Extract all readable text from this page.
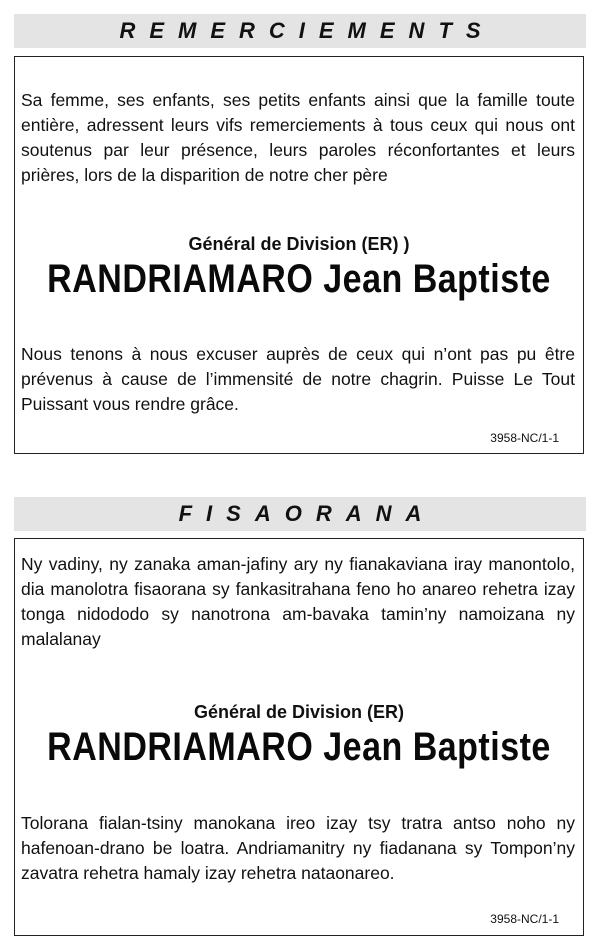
REMERCIEMENTS

Sa femme, ses enfants, ses petits enfants ainsi que la famille toute entière, adressent leurs vifs remerciements à tous ceux qui nous ont soutenus par leur présence, leurs paroles réconfortantes et leurs prières, lors de la disparition de notre cher père

Général de Division (ER) )
RANDRIAMARO Jean Baptiste

Nous tenons à nous excuser auprès de ceux qui n’ont pas pu être prévenus à cause de l’immensité de notre chagrin. Puisse Le Tout Puissant vous rendre grâce.

3958-NC/1-1
FISAORANA

Ny vadiny, ny zanaka aman-jafiny ary ny fianakaviana iray manontolo, dia manolotra fisaorana sy fankasitrahana feno ho anareo rehetra izay tonga nidododo sy nanotrona am-bavaka tamin’ny namoizana ny malalanay

Général de Division (ER)
RANDRIAMARO Jean Baptiste

Tolorana fialan-tsiny manokana ireo izay tsy tratra antso noho ny hafenoan-drano be loatra. Andriamanitry ny fiadanana sy Tompon’ny zavatra rehetra hamaly izay rehetra nataonareo.

3958-NC/1-1
